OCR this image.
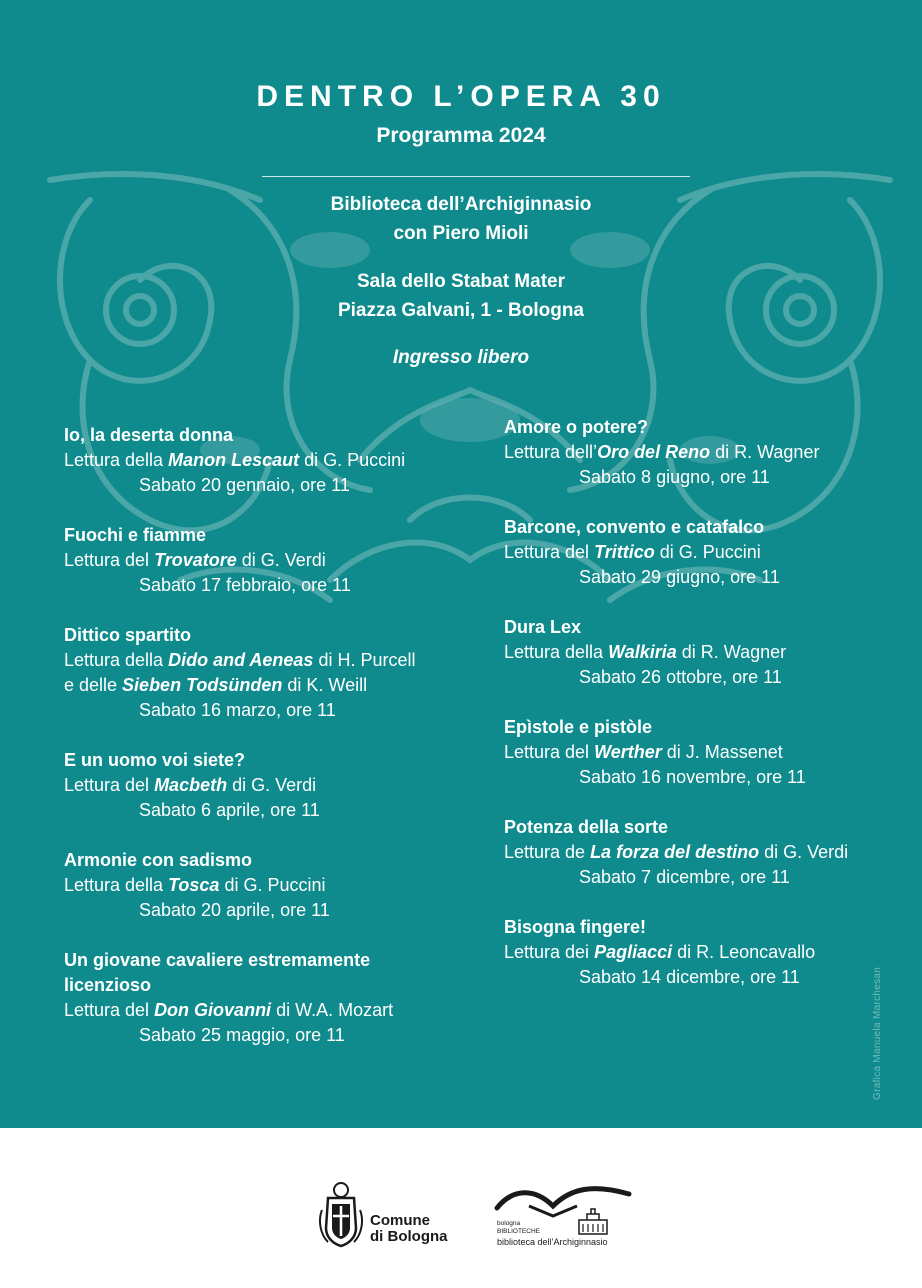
DENTRO L’OPERA 30
Programma 2024
Biblioteca dell’Archiginnasio
con Piero Mioli
Sala dello Stabat Mater
Piazza Galvani, 1 - Bologna
Ingresso libero
Io, la deserta donna
Lettura della Manon Lescaut di G. Puccini
Sabato 20 gennaio, ore 11
Fuochi e fiamme
Lettura del Trovatore di G. Verdi
Sabato 17 febbraio, ore 11
Dittico spartito
Lettura della Dido and Aeneas di H. Purcell
e delle Sieben Todsünden di K. Weill
Sabato 16 marzo, ore 11
E un uomo voi siete?
Lettura del Macbeth di G. Verdi
Sabato 6 aprile, ore 11
Armonie con sadismo
Lettura della Tosca di G. Puccini
Sabato 20 aprile, ore 11
Un giovane cavaliere estremamente
licenzioso
Lettura del Don Giovanni di W.A. Mozart
Sabato 25 maggio, ore 11
Amore o potere?
Lettura dell’Oro del Reno di R. Wagner
Sabato 8 giugno, ore 11
Barcone, convento e catafalco
Lettura del Trittico di G. Puccini
Sabato 29 giugno, ore 11
Dura Lex
Lettura della Walkiria di R. Wagner
Sabato 26 ottobre, ore 11
Epìstole e pistòle
Lettura del Werther di J. Massenet
Sabato 16 novembre, ore 11
Potenza della sorte
Lettura de La forza del destino di G. Verdi
Sabato 7 dicembre, ore 11
Bisogna fingere!
Lettura dei Pagliacci di R. Leoncavallo
Sabato 14 dicembre, ore 11	Grafica Manuela Marchesan
Comune
di Bologna
bologna
BIBLIOTECHE
biblioteca dell’Archiginnasio
